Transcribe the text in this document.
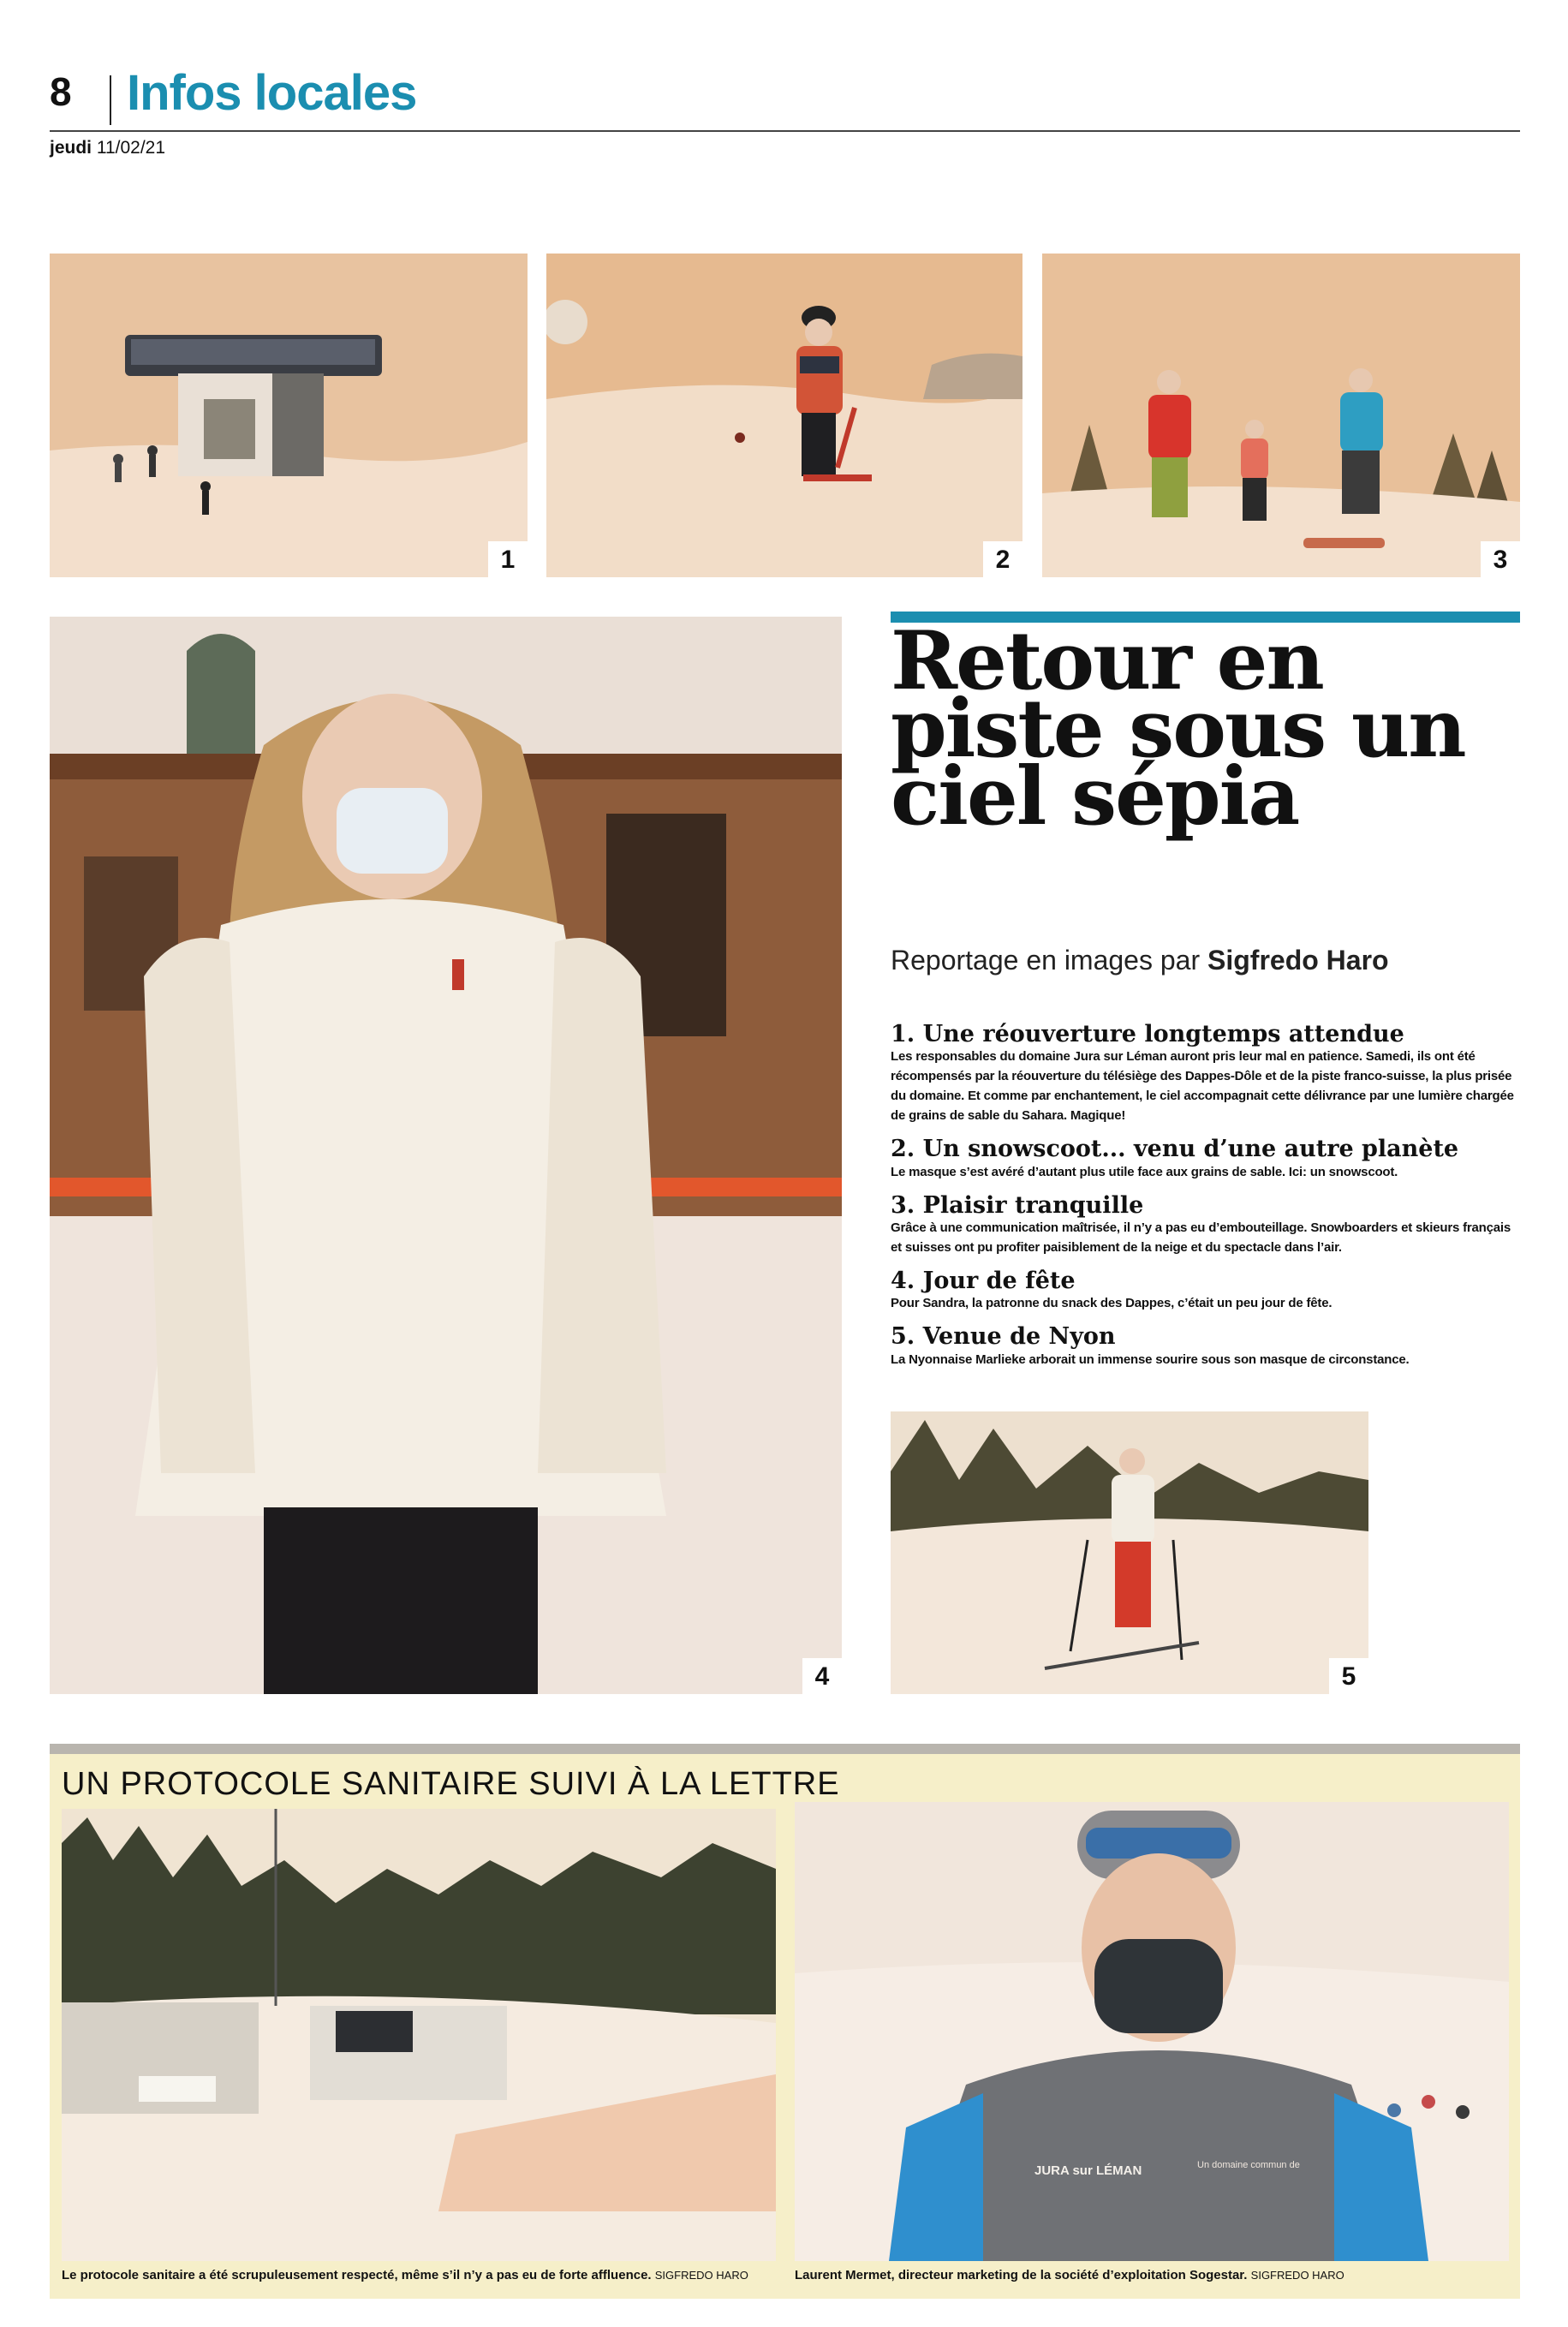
8 Infos locales
jeudi 11/02/21
1	2	3
4	5
Retour en
piste sous un
ciel sépia
Reportage en images par Sigfredo Haro

1. Une réouverture longtemps attendue

Les responsables du domaine Jura sur Léman auront pris leur mal en patience. Samedi, ils ont été récompensés par la réouverture du télésiège des Dappes-Dôle et de la piste franco-suisse, la plus prisée du domaine. Et comme par enchantement, le ciel accompagnait cette délivrance par une lumière chargée de grains de sable du Sahara. Magique!

2. Un snowscoot... venu d’une autre planète

Le masque s’est avéré d’autant plus utile face aux grains de sable. Ici: un snowscoot.

3. Plaisir tranquille

Grâce à une communication maîtrisée, il n’y a pas eu d’embouteillage. Snowboarders et skieurs français et suisses ont pu profiter paisiblement de la neige et du spectacle dans l’air.

4. Jour de fête

Pour Sandra, la patronne du snack des Dappes, c’était un peu jour de fête.

5. Venue de Nyon

La Nyonnaise Marlieke arborait un immense sourire sous son masque de circonstance.

UN PROTOCOLE SANITAIRE SUIVI À LA LETTRE
Le protocole sanitaire a été scrupuleusement respecté, même s’il n’y a pas eu de forte affluence. SIGFREDO HARO
JURA sur LÉMAN	Un domaine commun de
Laurent Mermet, directeur marketing de la société d’exploitation Sogestar. SIGFREDO HARO
